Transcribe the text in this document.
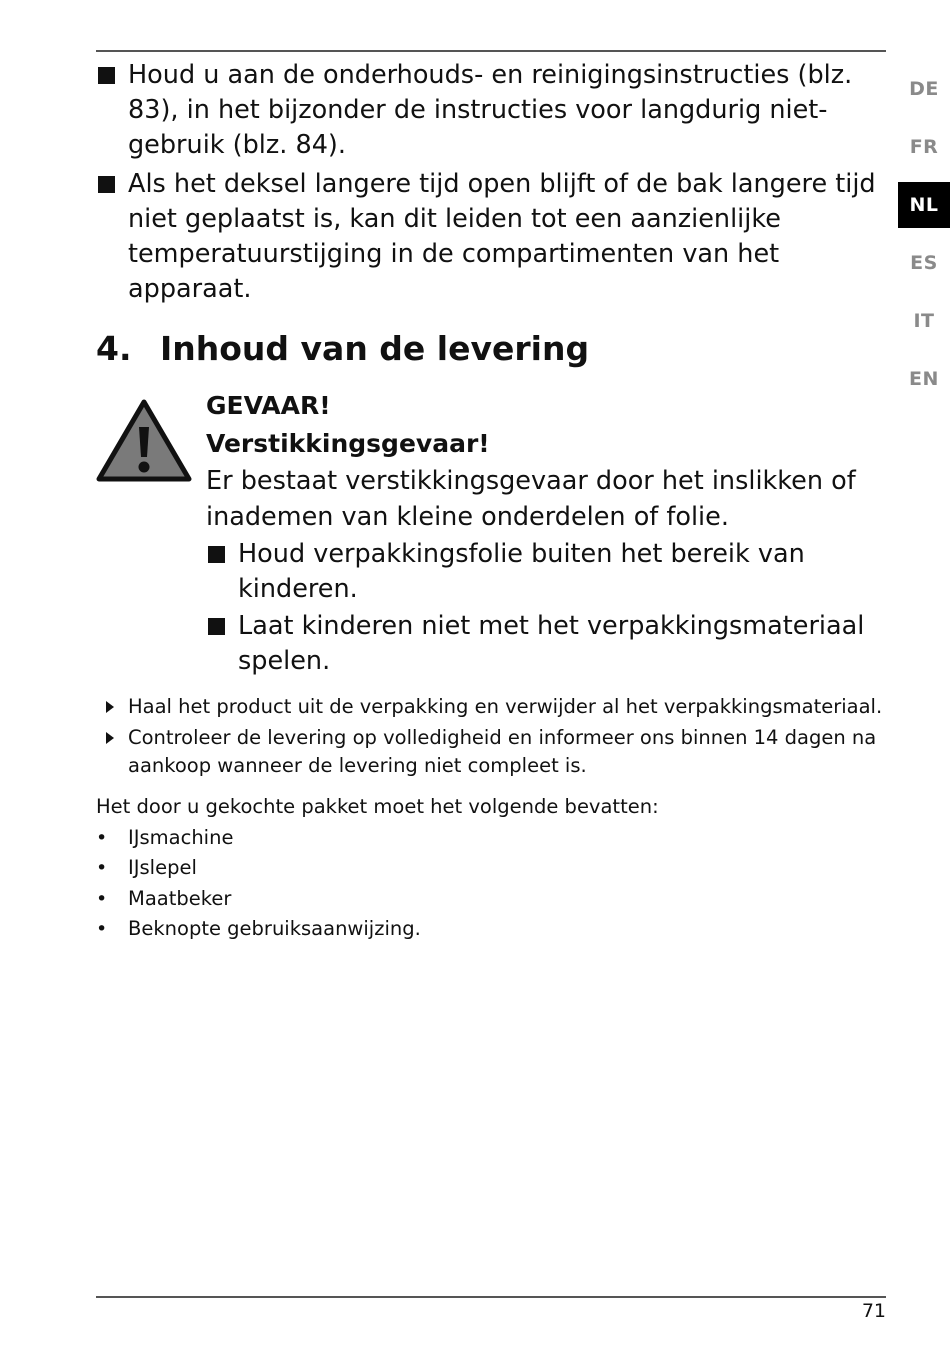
DE
FR
NL
ES
IT
EN
Houd u aan de onderhouds- en reinigingsinstructies (blz. 83), in het bijzonder de instructies voor langdurig niet-gebruik (blz. 84).
Als het deksel langere tijd open blijft of de bak langere tijd niet geplaatst is, kan dit leiden tot een aanzienlijke temperatuurstijging in de compartimenten van het apparaat.
4. Inhoud van de levering
GEVAAR!
Verstikkingsgevaar!
Er bestaat verstikkingsgevaar door het inslikken of inademen van kleine onderdelen of folie.
Houd verpakkingsfolie buiten het bereik van kinderen.
Laat kinderen niet met het verpakkingsmateriaal spelen.
Haal het product uit de verpakking en verwijder al het verpakkingsmateriaal.
Controleer de levering op volledigheid en informeer ons binnen 14 dagen na aankoop wanneer de levering niet compleet is.
Het door u gekochte pakket moet het volgende bevatten:
• IJsmachine
• IJslepel
• Maatbeker
• Beknopte gebruiksaanwijzing.
71
